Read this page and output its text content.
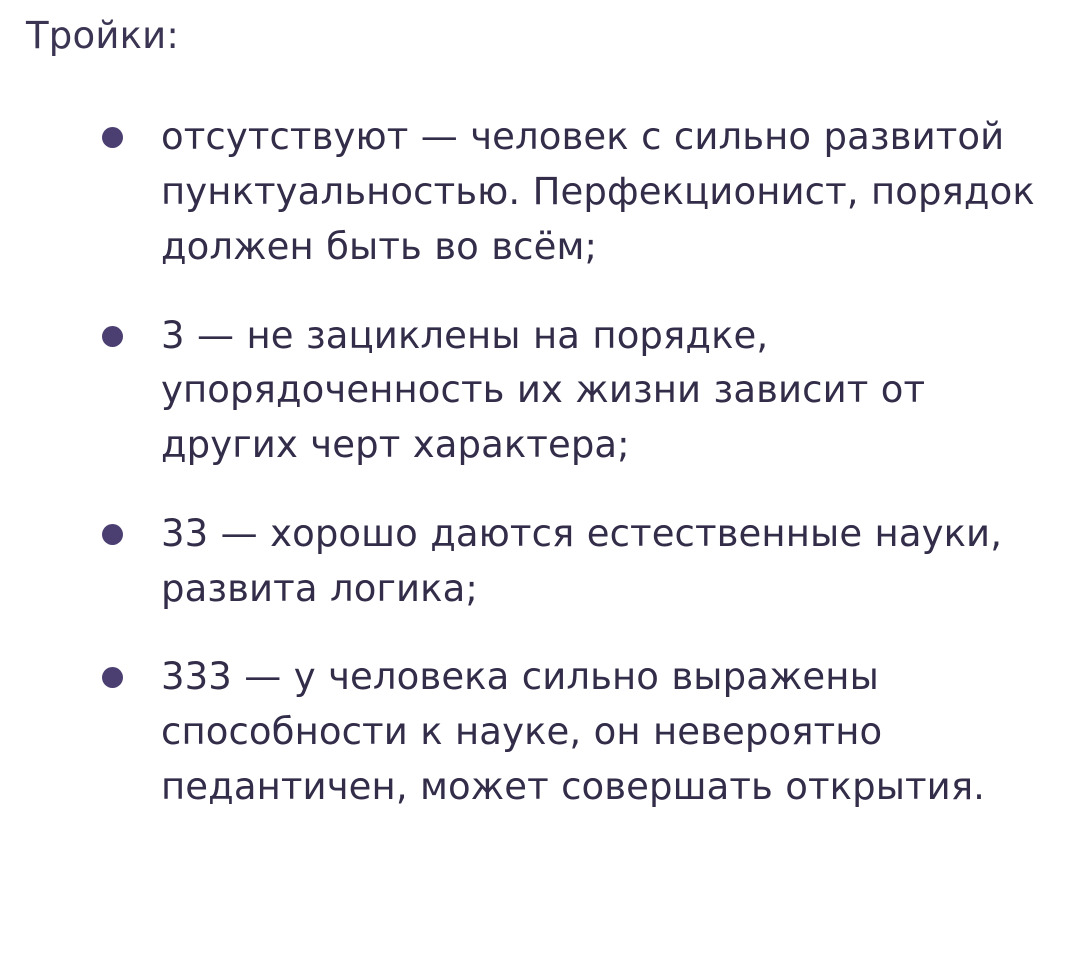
Тройки:
отсутствуют — человек с сильно развитой пунктуальностью. Перфекционист, порядок должен быть во всём;
3 — не зациклены на порядке, упорядоченность их жизни зависит от других черт характера;
33 — хорошо даются естественные науки, развита логика;
333 — у человека сильно выражены способности к науке, он невероятно педантичен, может совершать открытия.
